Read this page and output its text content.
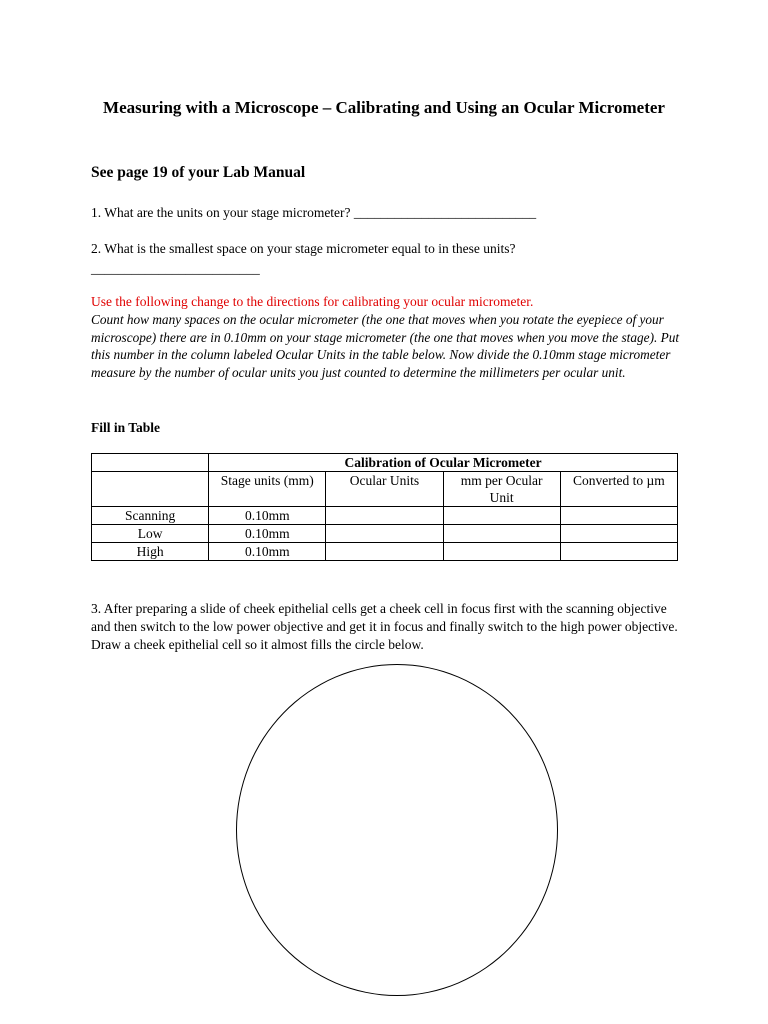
Measuring with a Microscope – Calibrating and Using an Ocular Micrometer
See page 19 of your Lab Manual
1. What are the units on your stage micrometer? ___________________________
2. What is the smallest space on your stage micrometer equal to in these units?
_________________________
Use the following change to the directions for calibrating your ocular micrometer.
Count how many spaces on the ocular micrometer (the one that moves when you rotate the eyepiece of your microscope) there are in 0.10mm on your stage micrometer (the one that moves when you move the stage). Put this number in the column labeled Ocular Units in the table below. Now divide the 0.10mm stage micrometer measure by the number of ocular units you just counted to determine the millimeters per ocular unit.
Fill in Table
	Calibration of Ocular Micrometer			
	Stage units (mm)	Ocular Units	mm per Ocular Unit	Converted to µm
Scanning	0.10mm			
Low	0.10mm			
High	0.10mm			
3. After preparing a slide of cheek epithelial cells get a cheek cell in focus first with the scanning objective and then switch to the low power objective and get it in focus and finally switch to the high power objective. Draw a cheek epithelial cell so it almost fills the circle below.
